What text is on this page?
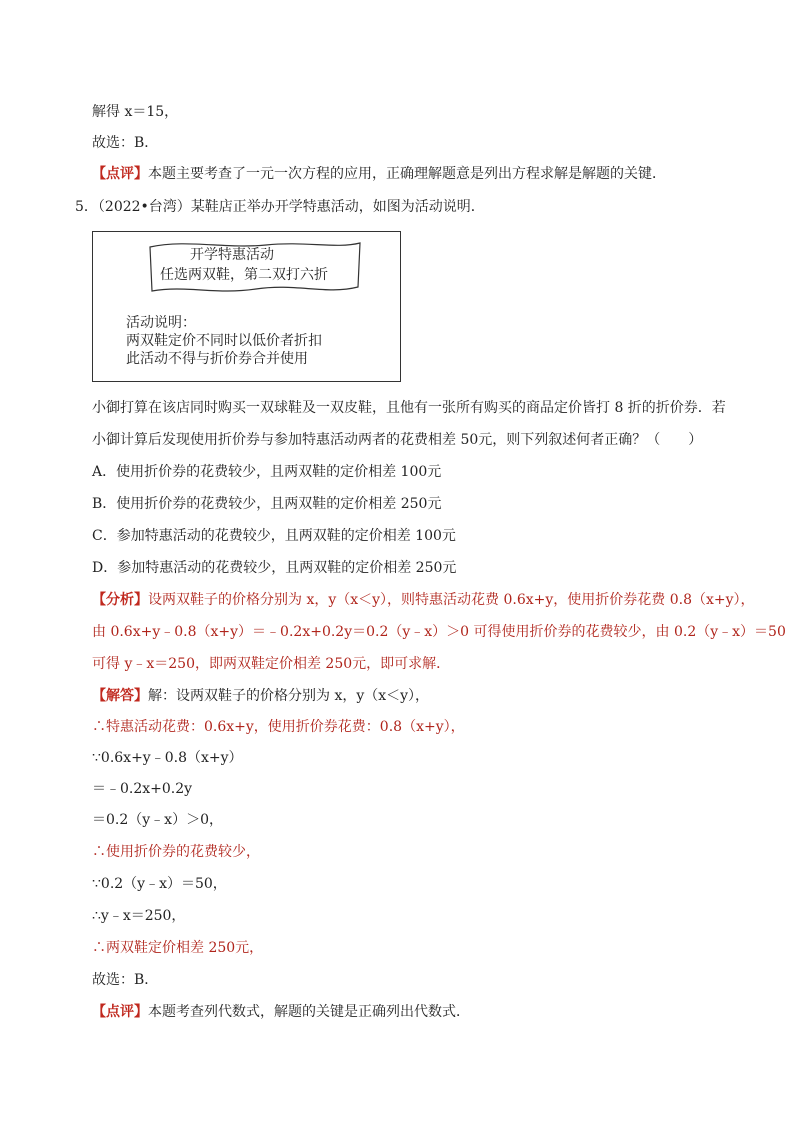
解得 x＝15，
故选：B．
【点评】本题主要考查了一元一次方程的应用，正确理解题意是列出方程求解是解题的关键．
5．（2022•台湾）某鞋店正举办开学特惠活动，如图为活动说明．
开学特惠活动
任选两双鞋，第二双打六折
活动说明：
两双鞋定价不同时以低价者折扣
此活动不得与折价券合并使用
小御打算在该店同时购买一双球鞋及一双皮鞋，且他有一张所有购买的商品定价皆打 8 折的折价券．若
小御计算后发现使用折价券与参加特惠活动两者的花费相差 50元，则下列叙述何者正确？（　　）
A．使用折价券的花费较少，且两双鞋的定价相差 100元
B．使用折价券的花费较少，且两双鞋的定价相差 250元
C．参加特惠活动的花费较少，且两双鞋的定价相差 100元
D．参加特惠活动的花费较少，且两双鞋的定价相差 250元
【分析】设两双鞋子的价格分别为 x，y（x＜y），则特惠活动花费 0.6x+y，使用折价券花费 0.8（x+y），
由 0.6x+y﹣0.8（x+y）＝﹣0.2x+0.2y＝0.2（y﹣x）＞0 可得使用折价券的花费较少，由 0.2（y﹣x）＝50
可得 y﹣x＝250，即两双鞋定价相差 250元，即可求解．
【解答】解：设两双鞋子的价格分别为 x，y（x＜y），
∴特惠活动花费：0.6x+y，使用折价券花费：0.8（x+y），
∵0.6x+y﹣0.8（x+y）
＝﹣0.2x+0.2y
＝0.2（y﹣x）＞0，
∴使用折价券的花费较少，
∵0.2（y﹣x）＝50，
∴y﹣x＝250，
∴两双鞋定价相差 250元，
故选：B．
【点评】本题考查列代数式，解题的关键是正确列出代数式．
